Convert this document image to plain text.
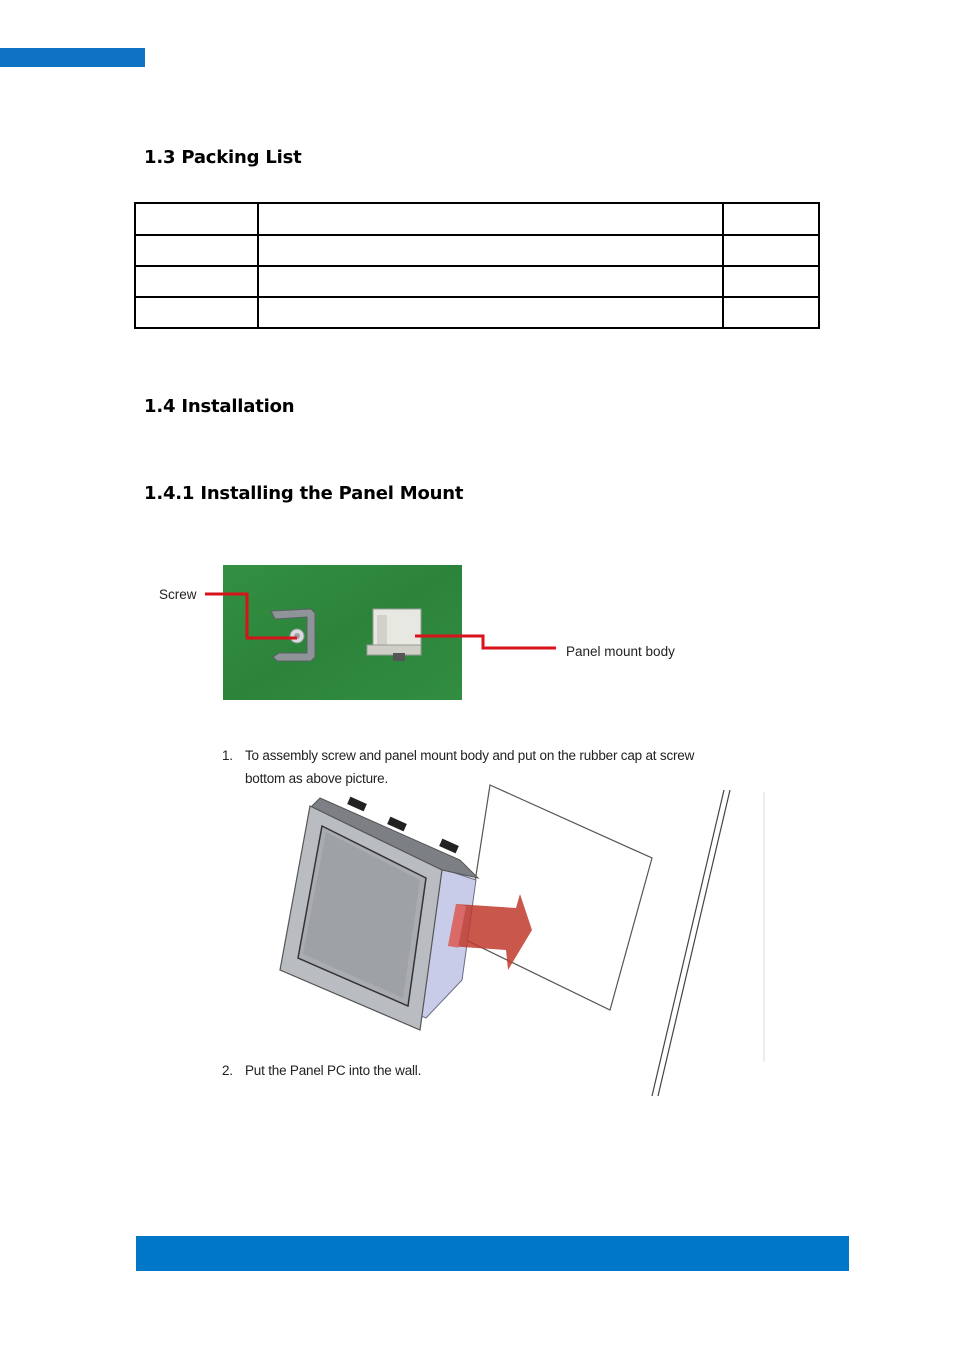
1.3 Packing List

1.4 Installation
1.4.1 Installing the Panel Mount
Screw
Panel mount body
1. To assembly screw and panel mount body and put on the rubber cap at screw
bottom as above picture.
2. Put the Panel PC into the wall.
